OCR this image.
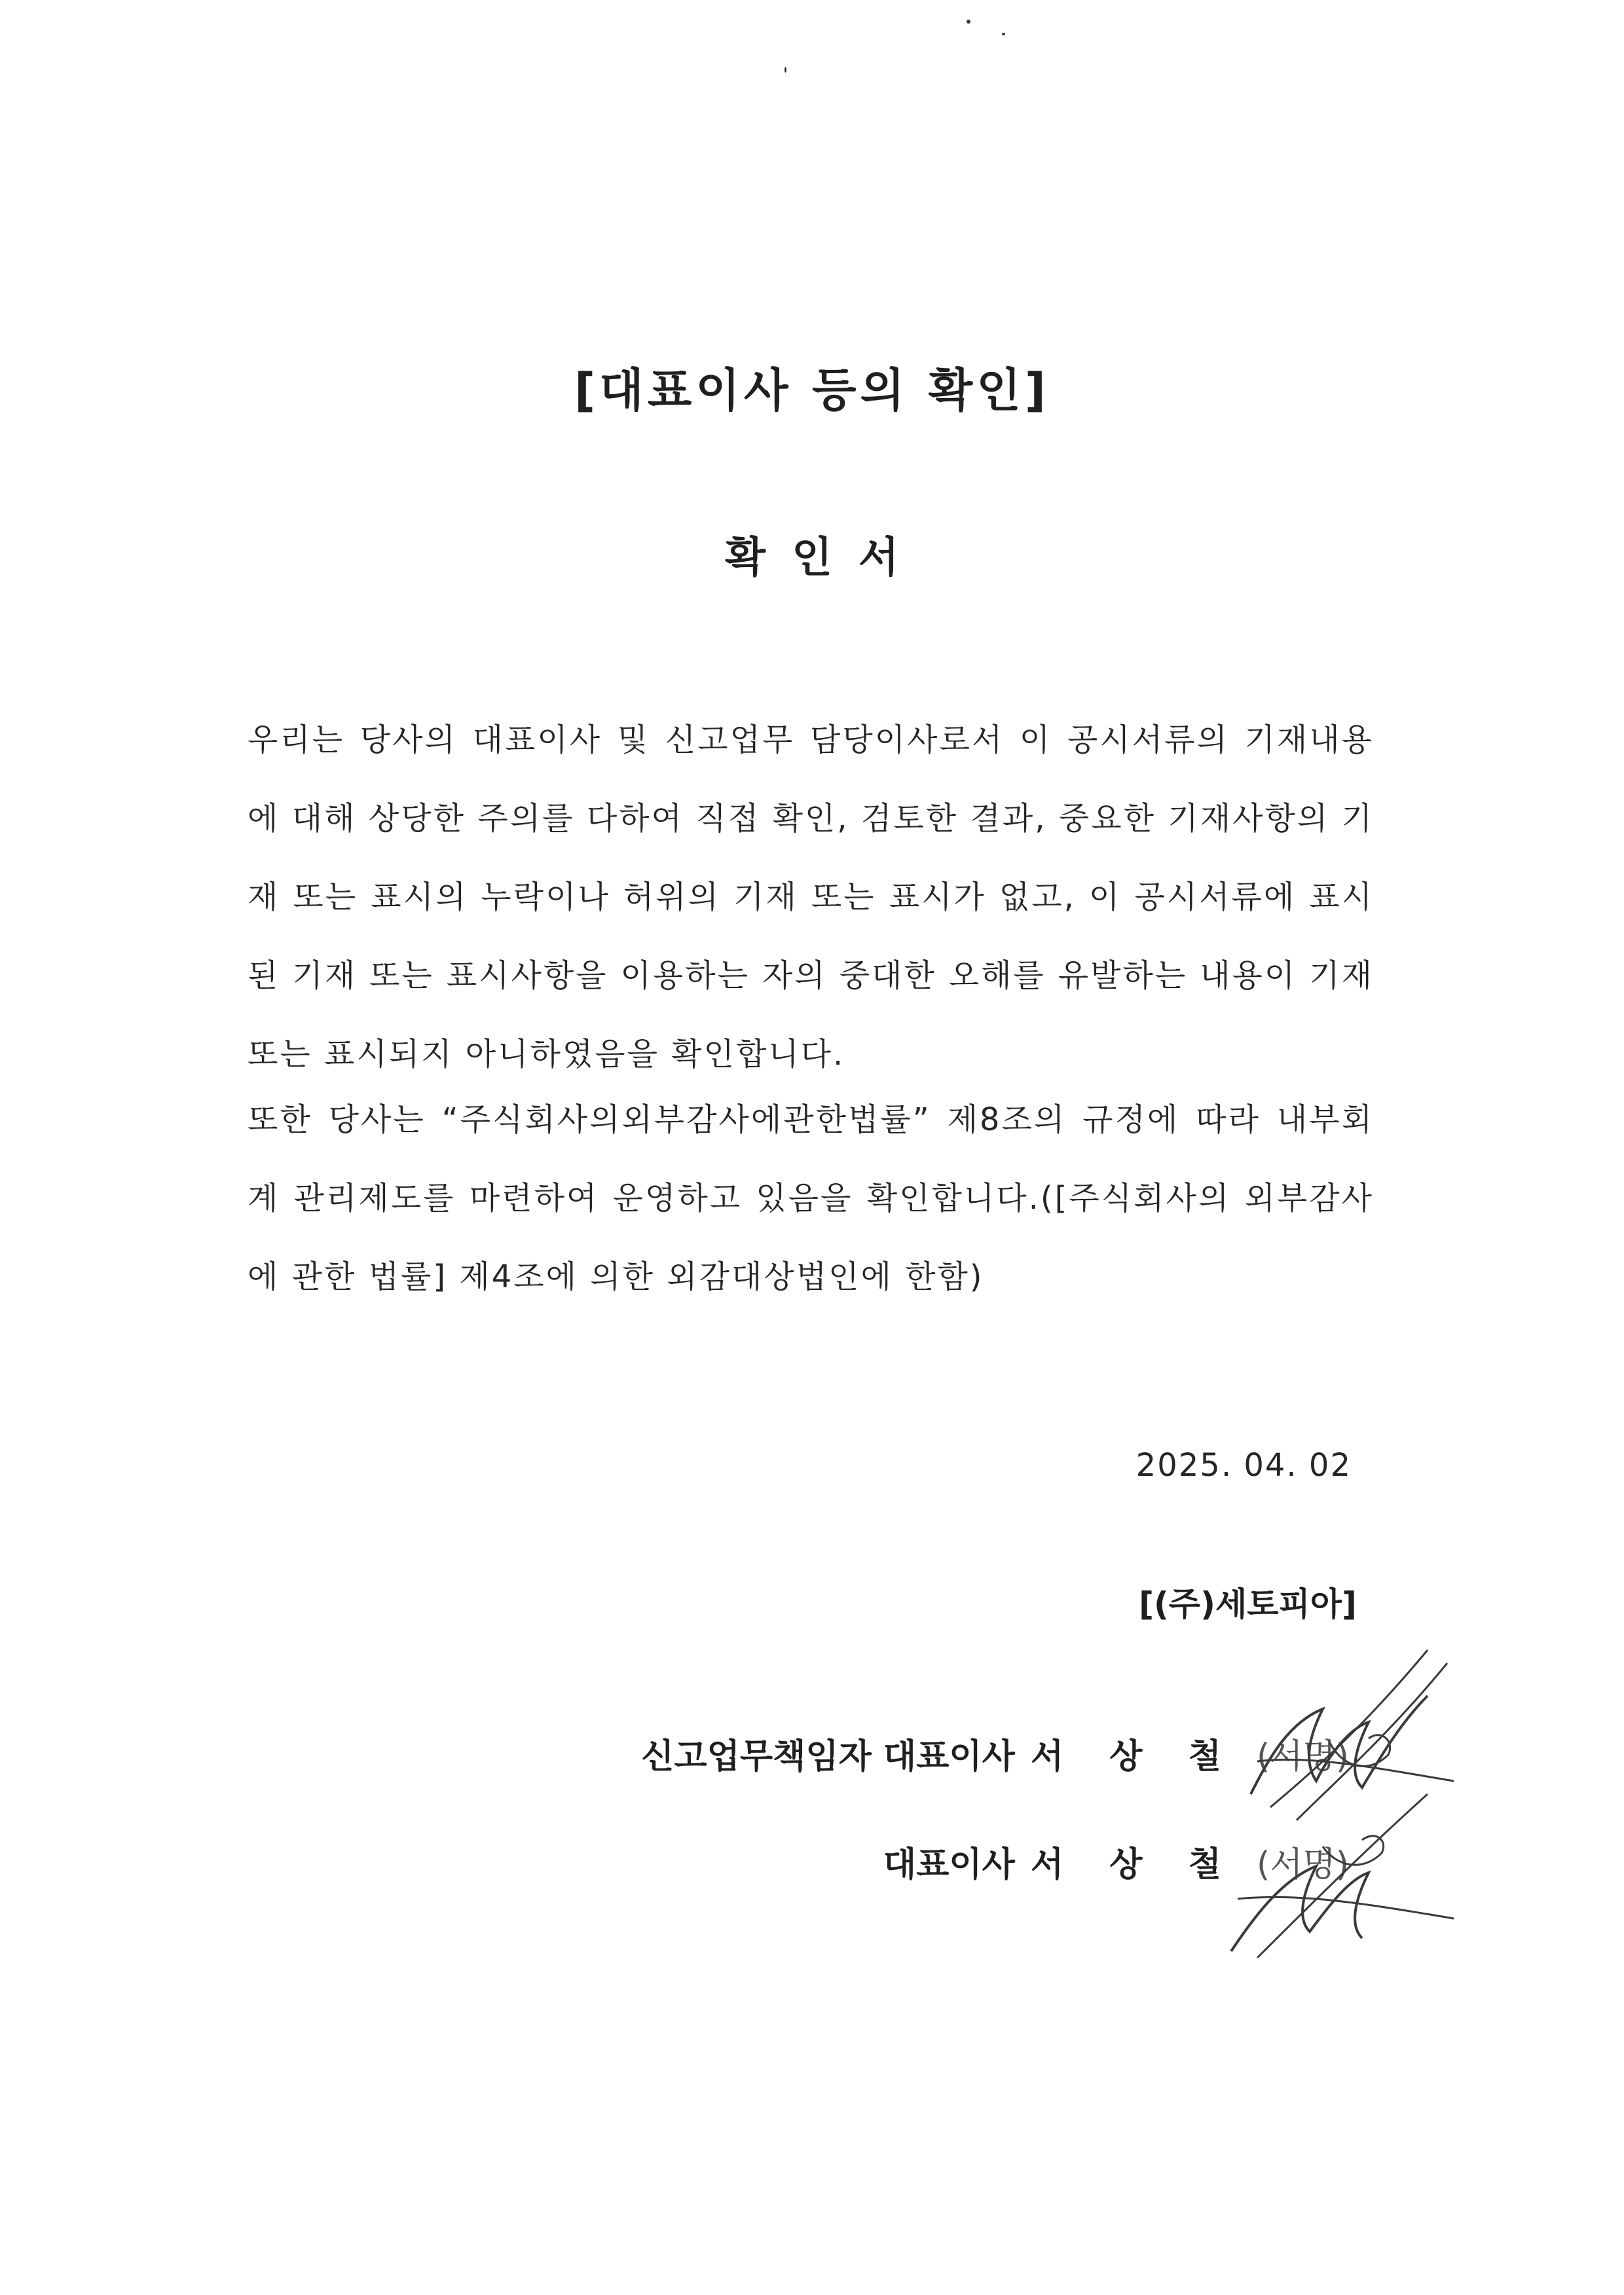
[대표이사 등의 확인]
확인서
우리는 당사의 대표이사 및 신고업무 담당이사로서 이 공시서류의 기재내용에 대해 상당한 주의를 다하여 직접 확인, 검토한 결과, 중요한 기재사항의 기재 또는 표시의 누락이나 허위의 기재 또는 표시가 없고, 이 공시서류에 표시된 기재 또는 표시사항을 이용하는 자의 중대한 오해를 유발하는 내용이 기재 또는 표시되지 아니하였음을 확인합니다.
또한 당사는 “주식회사의외부감사에관한법률” 제8조의 규정에 따라 내부회계 관리제도를 마련하여 운영하고 있음을 확인합니다.([주식회사의 외부감사에 관한 법률] 제4조에 의한 외감대상법인에 한함)
2025. 04. 02
[(주)세토피아]
신고업무책임자 대표이사 서 상 철 (서명)
대표이사 서 상 철 (서명)
